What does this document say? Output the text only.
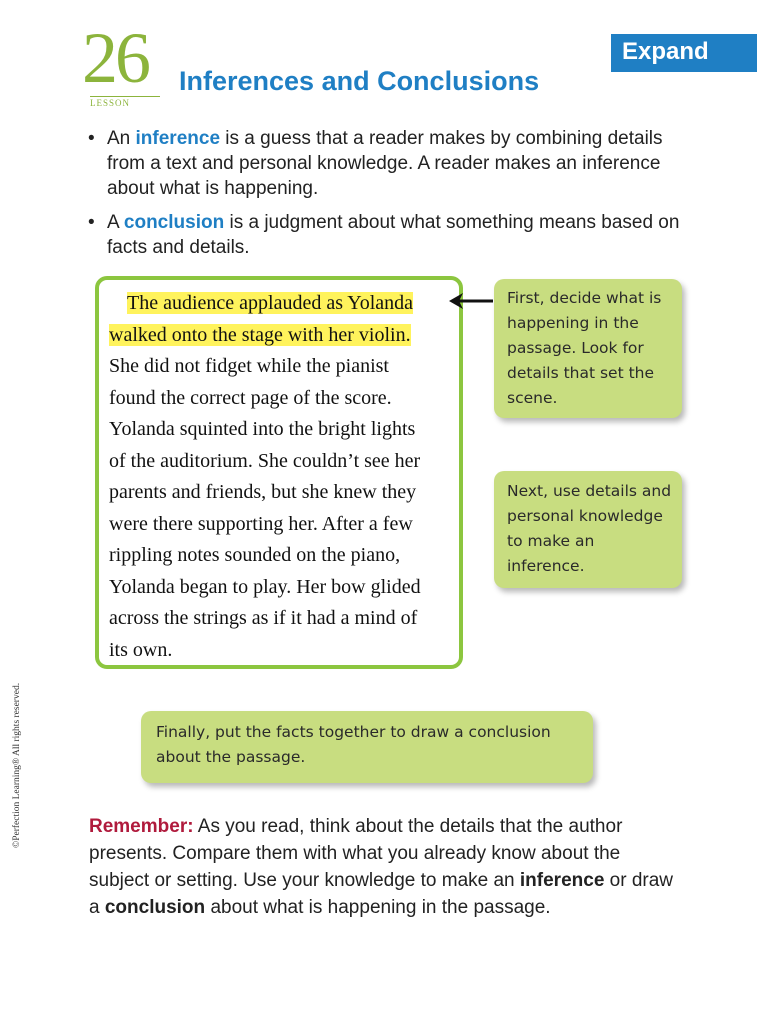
26
LESSON
Inferences and Conclusions
Expand
• An inference is a guess that a reader makes by combining details from a text and personal knowledge. A reader makes an inference about what is happening.
• A conclusion is a judgment about what something means based on facts and details.
The audience applauded as Yolanda walked onto the stage with her violin.
She did not fidget while the pianist
found the correct page of the score.
Yolanda squinted into the bright lights
of the auditorium. She couldn’t see her
parents and friends, but she knew they
were there supporting her. After a few
rippling notes sounded on the piano,
Yolanda began to play. Her bow glided
across the strings as if it had a mind of
its own.
First, decide what is happening in the passage. Look for details that set the scene.
Next, use details and personal knowledge to make an inference.
Finally, put the facts together to draw a conclusion about the passage.
Remember: As you read, think about the details that the author presents. Compare them with what you already know about the subject or setting. Use your knowledge to make an inference or draw a conclusion about what is happening in the passage.
©Perfection Learning® All rights reserved.
